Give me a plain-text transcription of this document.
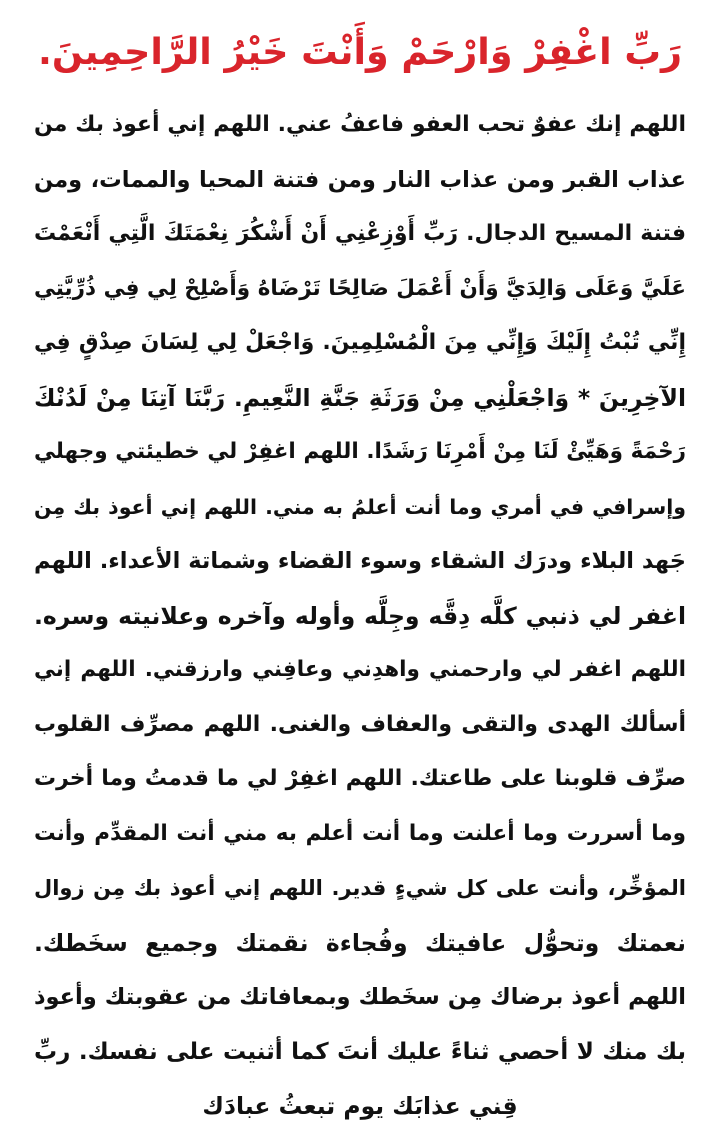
رَبِّ اغْفِرْ وَارْحَمْ وَأَنْتَ خَيْرُ الرَّاحِمِينَ.
اللهم إنك عفوٌ تحب العفو فاعفُ عني. اللهم إني أعوذ بك من
عذاب القبر ومن عذاب النار ومن فتنة المحيا والممات، ومن
فتنة المسيح الدجال. رَبِّ أَوْزِعْنِي أَنْ أَشْكُرَ نِعْمَتَكَ الَّتِي أَنْعَمْتَ
عَلَيَّ وَعَلَى وَالِدَيَّ وَأَنْ أَعْمَلَ صَالِحًا تَرْضَاهُ وَأَصْلِحْ لِي فِي ذُرِّيَّتِي
إِنِّي تُبْتُ إِلَيْكَ وَإِنِّي مِنَ الْمُسْلِمِينَ. وَاجْعَلْ لِي لِسَانَ صِدْقٍ فِي
الآخِرِينَ * وَاجْعَلْنِي مِنْ وَرَثَةِ جَنَّةِ النَّعِيمِ. رَبَّنَا آتِنَا مِنْ لَدُنْكَ
رَحْمَةً وَهَيِّئْ لَنَا مِنْ أَمْرِنَا رَشَدًا. اللهم اغفِرْ لي خطيئتي وجهلي
وإسرافي في أمري وما أنت أعلمُ به مني. اللهم إني أعوذ بك مِن
جَهد البلاء ودرَك الشقاء وسوء القضاء وشماتة الأعداء. اللهم
اغفر لي ذنبي كلَّه دِقَّه وجِلَّه وأوله وآخره وعلانيته وسره.
اللهم اغفر لي وارحمني واهدِني وعافِني وارزقني. اللهم إني
أسألك الهدى والتقى والعفاف والغنى. اللهم مصرِّف القلوب
صرِّف قلوبنا على طاعتك. اللهم اغفِرْ لي ما قدمتُ وما أخرت
وما أسررت وما أعلنت وما أنت أعلم به مني أنت المقدِّم وأنت
المؤخِّر، وأنت على كل شيءٍ قدير. اللهم إني أعوذ بك مِن زوال
نعمتك وتحوُّل عافيتك وفُجاءة نقمتك وجميع سخَطك.
اللهم أعوذ برضاك مِن سخَطك وبمعافاتك من عقوبتك وأعوذ
بك منك لا أحصي ثناءً عليك أنتَ كما أثنيت على نفسك. ربِّ
قِني عذابَك يوم تبعثُ عبادَك
